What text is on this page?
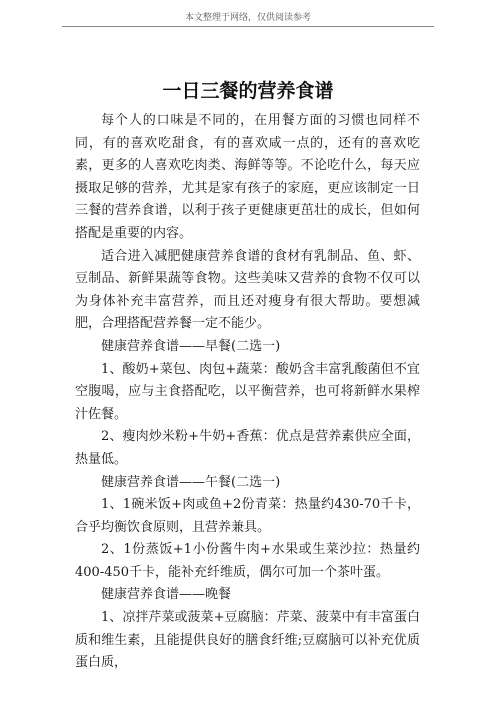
本文整理于网络，仅供阅读参考
一日三餐的营养食谱

每个人的口味是不同的，在用餐方面的习惯也同样不同，有的喜欢吃甜食，有的喜欢咸一点的，还有的喜欢吃素，更多的人喜欢吃肉类、海鲜等等。不论吃什么，每天应摄取足够的营养，尤其是家有孩子的家庭，更应该制定一日三餐的营养食谱，以利于孩子更健康更茁壮的成长，但如何搭配是重要的内容。

适合进入减肥健康营养食谱的食材有乳制品、鱼、虾、豆制品、新鲜果蔬等食物。这些美味又营养的食物不仅可以为身体补充丰富营养，而且还对瘦身有很大帮助。要想减肥，合理搭配营养餐一定不能少。

健康营养食谱——早餐(二选一)

1、酸奶+菜包、肉包+蔬菜：酸奶含丰富乳酸菌但不宜空腹喝，应与主食搭配吃，以平衡营养，也可将新鲜水果榨汁佐餐。

2、瘦肉炒米粉+牛奶+香蕉：优点是营养素供应全面，热量低。

健康营养食谱——午餐(二选一)

1、1碗米饭+肉或鱼+2份青菜：热量约430-70千卡，合乎均衡饮食原则，且营养兼具。

2、1份蒸饭+1小份酱牛肉+水果或生菜沙拉：热量约400-450千卡，能补充纤维质，偶尔可加一个茶叶蛋。

健康营养食谱——晚餐

1、凉拌芹菜或菠菜+豆腐脑：芹菜、菠菜中有丰富蛋白质和维生素，且能提供良好的膳食纤维;豆腐脑可以补充优质蛋白质，
